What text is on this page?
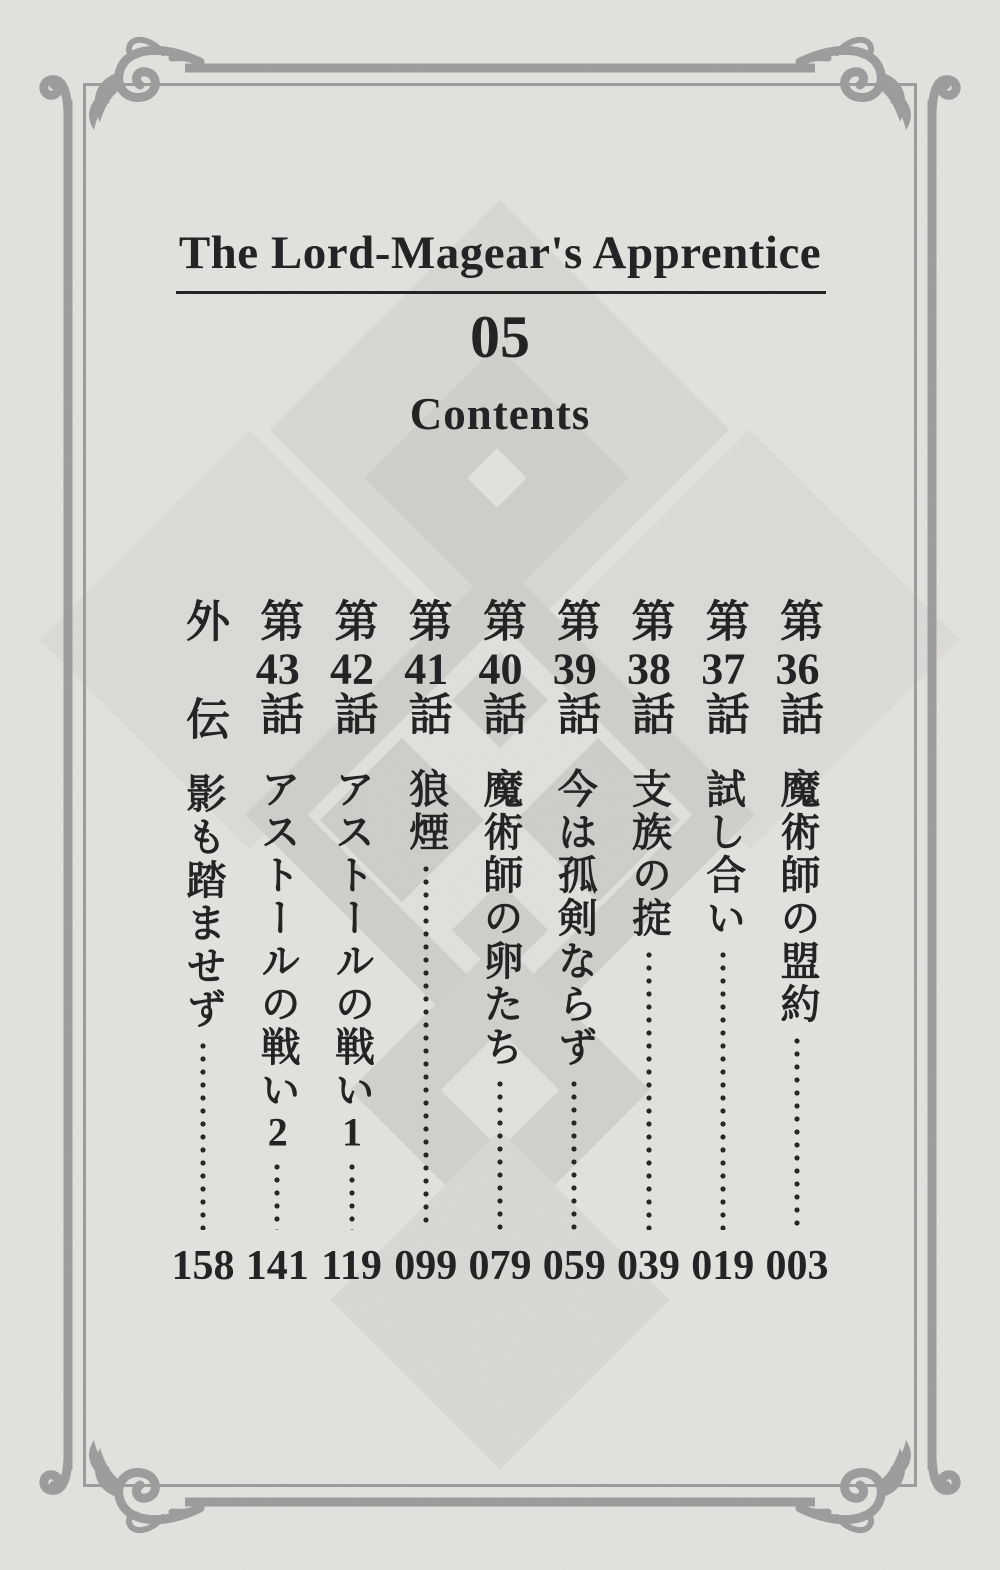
The Lord-Magear's Apprentice
05
Contents
第36話
魔術師の盟約
003
第37話
試し合い
019
第38話
支族の掟
039
第39話
今は孤剣ならず
059
第40話
魔術師の卵たち
079
第41話
狼煙
099
第42話
アストールの戦い1
119
第43話
アストールの戦い2
141
外　伝
影も踏ませず
158
